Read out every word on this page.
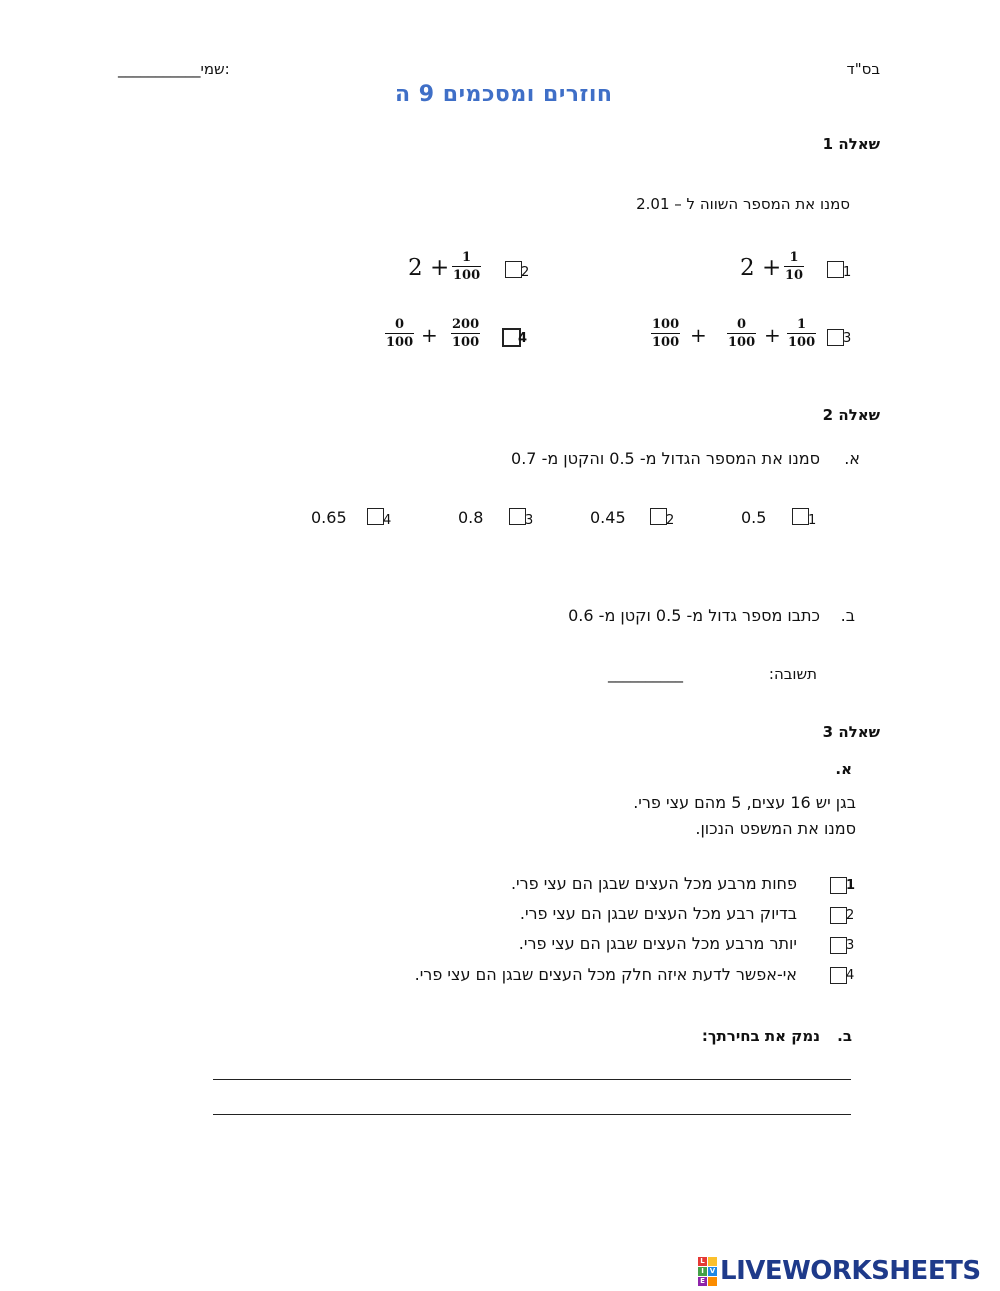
בס"ד
___________שמי:
חוזרים ומסכמים 9 ה
שאלה 1
סמנו את המספר השווה ל – 2.01
2 + 1
10	1
2 + 1
100	2
100
100 + 0
100 + 1
100 3
0
100 + 200
100	4
שאלה 2
א.
סמנו את המספר הגדול מ- 0.5 והקטן מ- 0.7
0.5	1
0.45	2
0.8	3
0.65	4
ב.
כתבו מספר גדול מ- 0.5 וקטן מ- 0.6
תשובה:
__________
שאלה 3
א.
בגן יש 16 עצים, 5 מהם עצי פרי.
סמנו את המשפט הנכון.
פחות מרבע מכל העצים שבגן הם עצי פרי.	1
בדיוק רבע מכל העצים שבגן הם עצי פרי.	2
יותר מרבע מכל העצים שבגן הם עצי פרי.	3
אי-אפשר לדעת איזה חלק מכל העצים שבגן הם עצי פרי.	4
ב.
נמק את בחירתך:
L
I V
E LIVEWORKSHEETS
